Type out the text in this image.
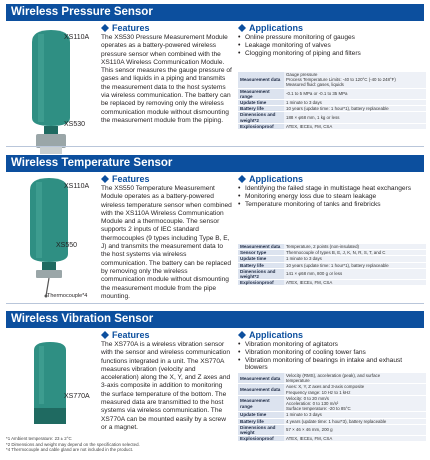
Wireless Pressure Sensor
XS110A
XS530
Features
The XS530 Pressure Measurement Module operates as a battery-powered wireless pressure sensor when combined with the XS110A Wireless Communication Module. This sensor measures the gauge pressure of gases and liquids in a piping and transmits the measurement data to the host systems via wireless communication. The battery can be replaced by removing only the wireless communication module without dismounting the measurement module from the piping.
Applications
• Online pressure monitoring of gauges
• Leakage monitoring of valves
• Clogging monitoring of piping and filters
Measurement data	Gauge pressure
Process Temperature Limits: -40 to 120°C (-40 to 248°F)
Measured fluid: gases, liquids

Measurement range	-0.1 to 5 MPa or -0.1 to 35 MPa
Update time	1 minute to 3 days
Battery life	10 years (update time: 1 hour*1), battery replaceable
Dimensions and weight*2	188 × φ68 mm, 1 kg or less
Explosionproof	ATEX, IECEx, FM, CSA
Wireless Temperature Sensor
XS110A
XS550
Thermocouple*4
Features
The XS550 Temperature Measurement Module operates as a battery-powered wireless temperature sensor when combined with the XS110A Wireless Communication Module and a thermocouple. The sensor supports 2 inputs of IEC standard thermocouples (9 types including Type B, E, J) and transmits the measurement data to the host systems via wireless communication. The battery can be replaced by removing only the wireless communication module without dismounting the measurement module from the pipe mounting.
Applications
• Identifying the failed stage in multistage heat exchangers
• Monitoring energy loss due to steam leakage
• Temperature monitoring of tanks and firebricks
Measurement data	Temperature, 2 points (non-insulated)
Sensor type	Thermocouple of types B, E, J, K, N, R, S, T, and C
Update time	1 minute to 3 days
Battery life	10 years (update time: 1 hour*1), battery replaceable
Dimensions and weight*2	141 × φ68 mm, 800 g or less
Explosionproof	ATEX, IECEx, FM, CSA
Wireless Vibration Sensor
XS770A
Features
The XS770A is a wireless vibration sensor with the sensor and wireless communication functions integrated in a unit. The XS770A measures vibration (velocity and acceleration) along the X, Y, and Z axes and 3-axis composite in addition to monitoring the surface temperature of the bottom. The measured data are transmitted to the host systems via wireless communication. The XS770A can be mounted easily by a screw or a magnet.
Applications
• Vibration monitoring of agitators
• Vibration monitoring of cooling tower fans
• Vibration monitoring of bearings in intake and exhaust blowers
Measurement data	Velocity (RMS), acceleration (peak), and surface
temperature

Measurement data	Axes: X, Y, Z axes and 3-axis composite
Frequency range: 10 Hz to 1 kHz

Measurement range	Velocity: 0 to 20 mm/s
Acceleration: 0 to 130 m/s²
Surface temperature: -20 to 85°C

Update time	1 minute to 3 days
Battery life	4 years (update time: 1 hour*3), battery replaceable
Dimensions and weight	57 × 46 × 46 mm, 200 g
Explosionproof	ATEX, IECEx, FM, CSA
*1 Ambient temperature: 23 ± 2°C
*2 Dimensions and weight may depend on the specification selected.
*4 Thermocouple and cable gland are not included in the product.
